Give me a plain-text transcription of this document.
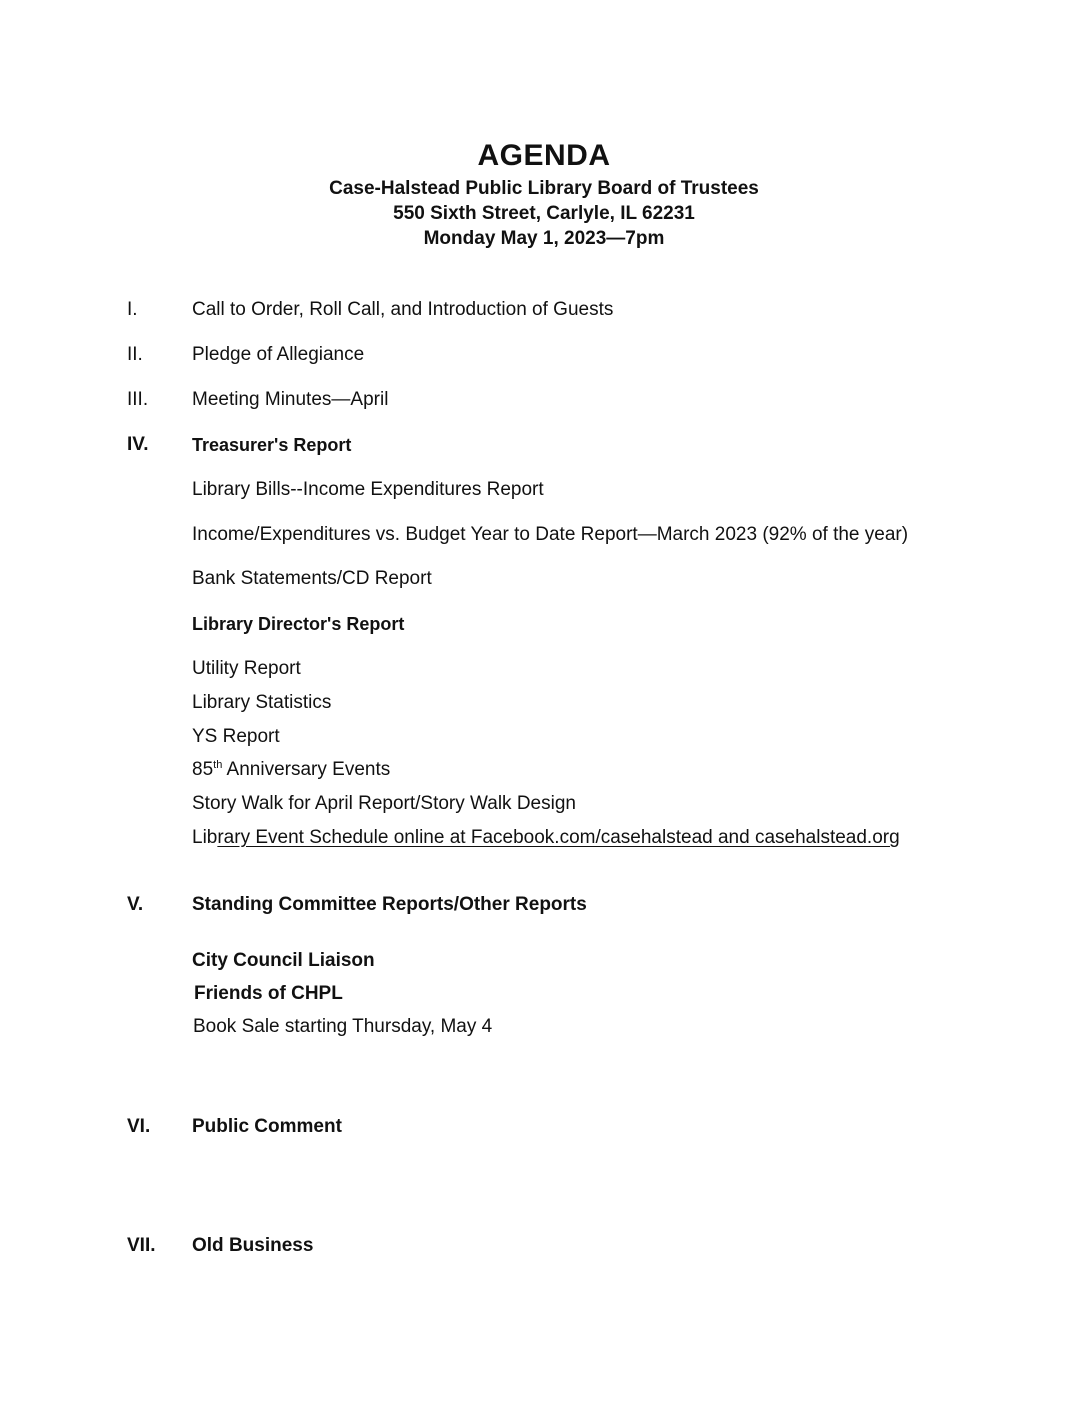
AGENDA
Case-Halstead Public Library Board of Trustees
550 Sixth Street, Carlyle, IL 62231
Monday May 1, 2023—7pm
I.	Call to Order, Roll Call, and Introduction of Guests
II.	Pledge of Allegiance
III. Meeting Minutes—April
IV. Treasurer's Report
Library Bills--Income Expenditures Report
Income/Expenditures vs. Budget Year to Date Report—March 2023 (92% of the year)
Bank Statements/CD Report
Library Director's Report
Utility Report
Library Statistics
YS Report
85th Anniversary Events
Story Walk for April Report/Story Walk Design
Library Event Schedule online at Facebook.com/casehalstead and casehalstead.org
V.	Standing Committee Reports/Other Reports
City Council Liaison
Friends of CHPL
Book Sale starting Thursday, May 4
VI. Public Comment
VII. Old Business
